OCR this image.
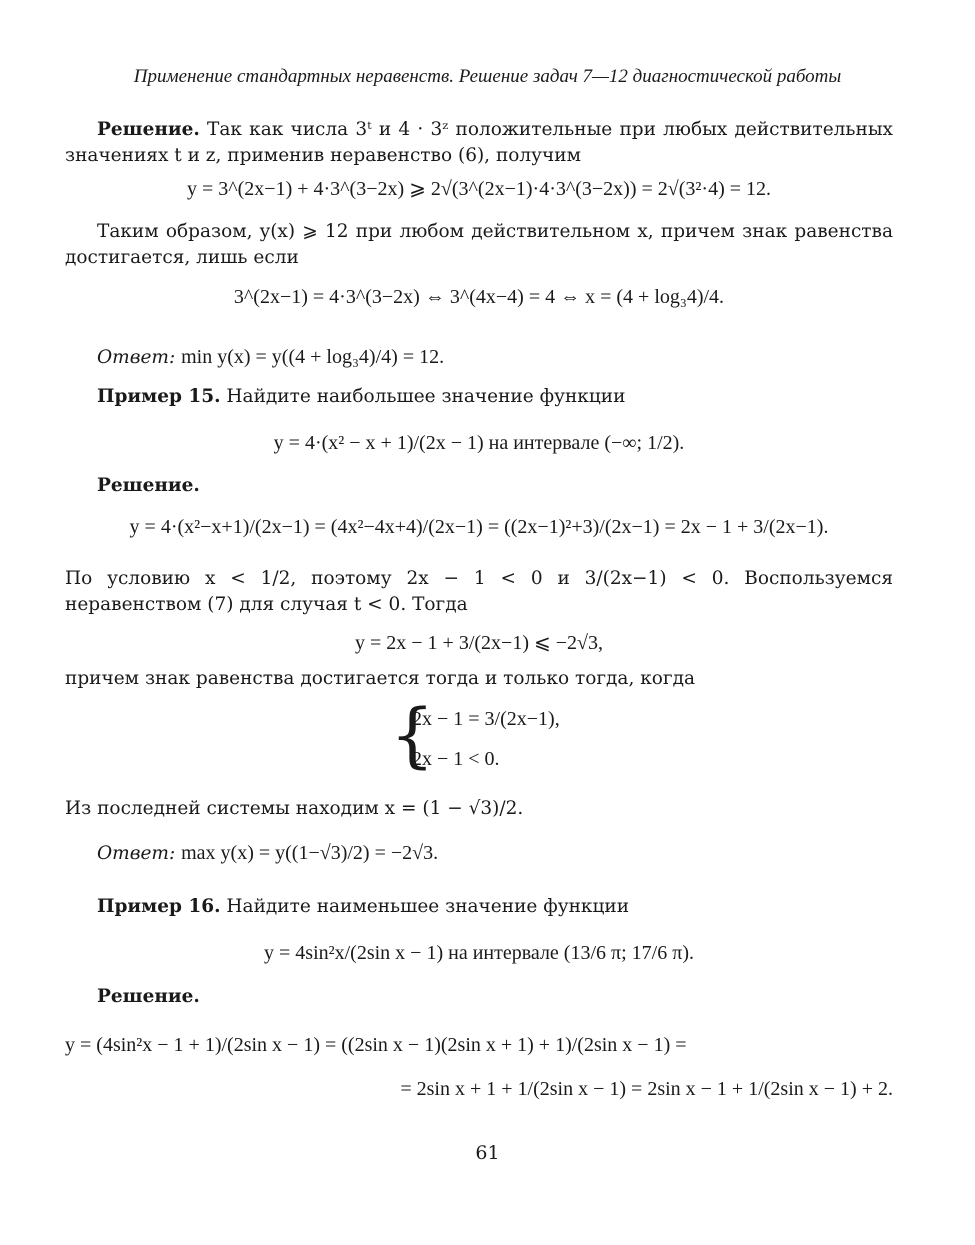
Применение стандартных неравенств. Решение задач 7—12 диагностической работы
Решение. Так как числа 3ᵗ и 4 · 3ᶻ положительные при любых действительных значениях t и z, применив неравенство (6), получим
y = 3^(2x−1) + 4·3^(3−2x) ⩾ 2√(3^(2x−1)·4·3^(3−2x)) = 2√(3²·4) = 12.
Таким образом, y(x) ⩾ 12 при любом действительном x, причем знак равенства достигается, лишь если
3^(2x−1) = 4·3^(3−2x) ⇔ 3^(4x−4) = 4 ⇔ x = (4 + log₃4)/4.
Ответ: min y(x) = y((4 + log₃4)/4) = 12.
Пример 15. Найдите наибольшее значение функции
y = 4·(x² − x + 1)/(2x − 1) на интервале (−∞; 1/2).
Решение.
y = 4·(x²−x+1)/(2x−1) = (4x²−4x+4)/(2x−1) = ((2x−1)²+3)/(2x−1) = 2x − 1 + 3/(2x−1).
По условию x < 1/2, поэтому 2x − 1 < 0 и 3/(2x−1) < 0. Воспользуемся неравенством (7) для случая t < 0. Тогда
y = 2x − 1 + 3/(2x−1) ⩽ −2√3,
причем знак равенства достигается тогда и только тогда, когда
{
2x − 1 = 3/(2x−1),
2x − 1 < 0.
Из последней системы находим x = (1 − √3)/2.
Ответ: max y(x) = y((1−√3)/2) = −2√3.
Пример 16. Найдите наименьшее значение функции
y = 4sin²x/(2sin x − 1) на интервале (13/6 π; 17/6 π).
Решение.
y = (4sin²x − 1 + 1)/(2sin x − 1) = ((2sin x − 1)(2sin x + 1) + 1)/(2sin x − 1) =
= 2sin x + 1 + 1/(2sin x − 1) = 2sin x − 1 + 1/(2sin x − 1) + 2.
61
